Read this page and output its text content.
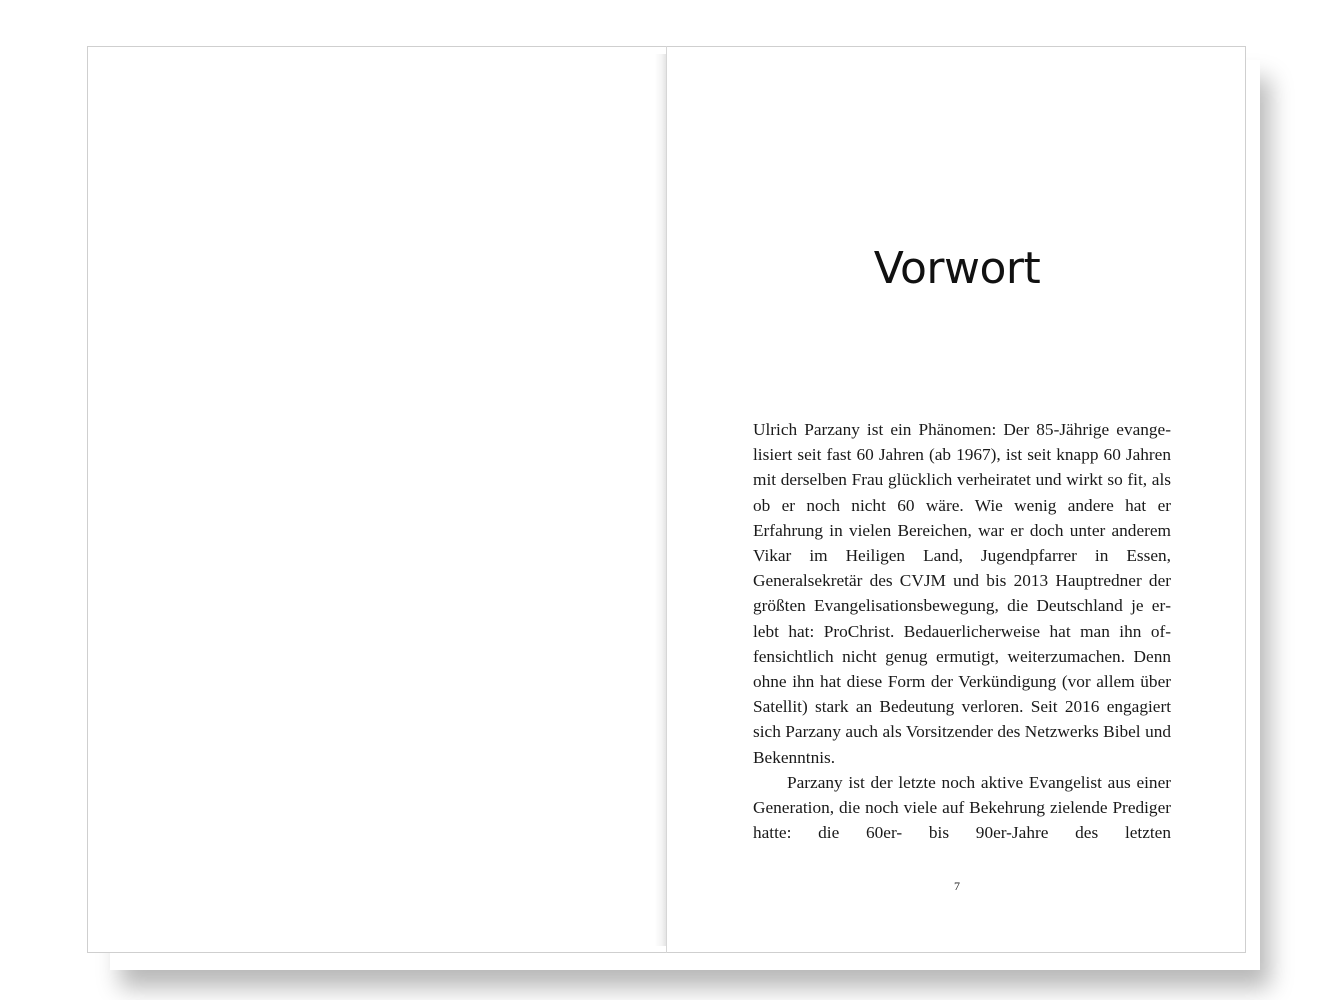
Vorwort

Ulrich Parzany ist ein Phänomen: Der 85-Jährige evangelisiert seit fast 60 Jahren (ab 1967), ist seit knapp 60 Jahren mit derselben Frau glücklich verheiratet und wirkt so fit, als ob er noch nicht 60 wäre. Wie wenig andere hat er Erfahrung in vielen Bereichen, war er doch unter anderem Vikar im Heiligen Land, Jugendpfarrer in Essen, Generalsekretär des CVJM und bis 2013 Hauptredner der größten Evangelisationsbewegung, die Deutschland je erlebt hat: ProChrist. Bedauerlicherweise hat man ihn offensichtlich nicht genug ermutigt, weiterzumachen. Denn ohne ihn hat diese Form der Verkündigung (vor allem über Satellit) stark an Bedeutung verloren. Seit 2016 engagiert sich Parzany auch als Vorsitzender des Netzwerks Bibel und Bekenntnis.

Parzany ist der letzte noch aktive Evangelist aus einer Generation, die noch viele auf Bekehrung zielende Prediger hatte: die 60er- bis 90er-Jahre des letzten

7
